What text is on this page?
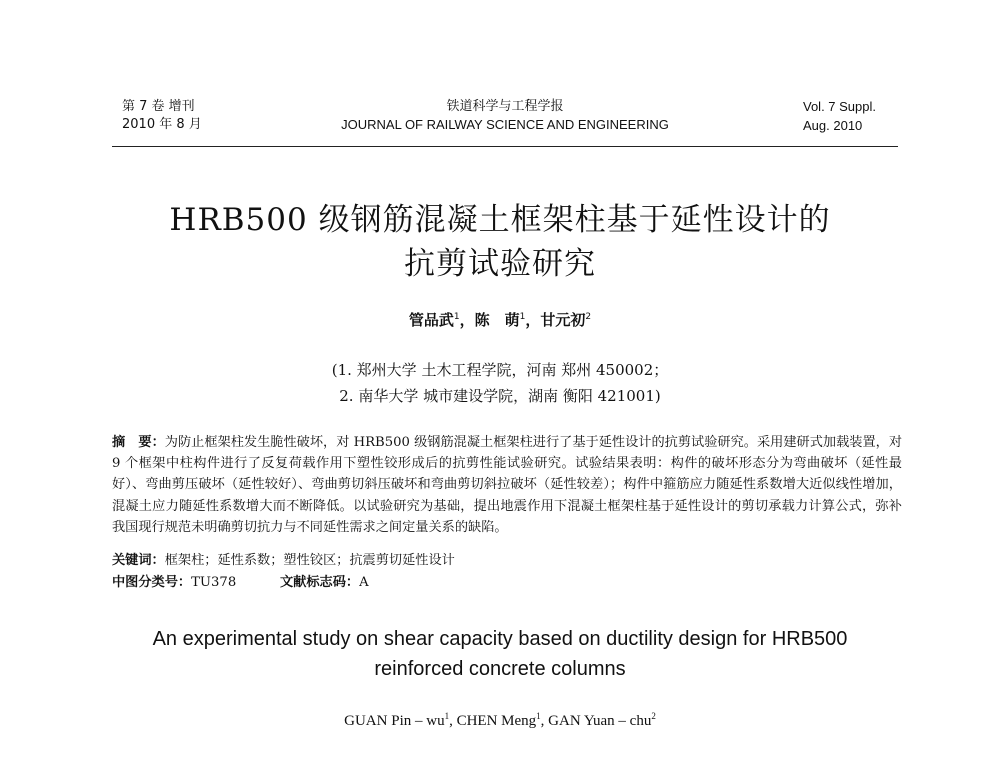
第 7 卷 增刊
2010 年 8 月
铁道科学与工程学报
JOURNAL OF RAILWAY SCIENCE AND ENGINEERING
Vol. 7 Suppl.
Aug. 2010
HRB500 级钢筋混凝土框架柱基于延性设计的
抗剪试验研究
管品武$^1$，陈　萌$^1$，甘元初$^2$
(1. 郑州大学 土木工程学院，河南 郑州 450002；
2. 南华大学 城市建设学院，湖南 衡阳 421001)
摘　要：为防止框架柱发生脆性破坏，对 HRB500 级钢筋混凝土框架柱进行了基于延性设计的抗剪试验研究。采用建研式加载装置，对 9 个框架中柱构件进行了反复荷载作用下塑性铰形成后的抗剪性能试验研究。试验结果表明：构件的破坏形态分为弯曲破坏（延性最好）、弯曲剪压破坏（延性较好）、弯曲剪切斜压破坏和弯曲剪切斜拉破坏（延性较差）；构件中箍筋应力随延性系数增大近似线性增加，混凝土应力随延性系数增大而不断降低。以试验研究为基础，提出地震作用下混凝土框架柱基于延性设计的剪切承载力计算公式，弥补我国现行规范未明确剪切抗力与不同延性需求之间定量关系的缺陷。
关键词：框架柱；延性系数；塑性铰区；抗震剪切延性设计
中图分类号：TU378	文献标志码：A
An experimental study on shear capacity based on ductility design for HRB500
reinforced concrete columns
GUAN Pin – $wu^1$, CHEN Meng$^1$, GAN Yuan – chu$^2$
